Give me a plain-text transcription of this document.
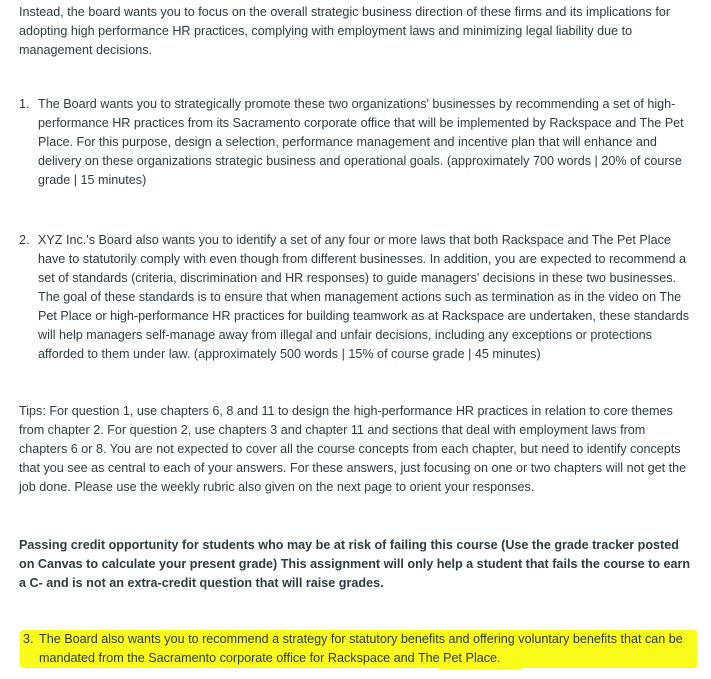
Instead, the board wants you to focus on the overall strategic business direction of these firms and its implications for adopting high performance HR practices, complying with employment laws and minimizing legal liability due to management decisions.

1. The Board wants you to strategically promote these two organizations' businesses by recommending a set of high-performance HR practices from its Sacramento corporate office that will be implemented by Rackspace and The Pet Place. For this purpose, design a selection, performance management and incentive plan that will enhance and delivery on these organizations strategic business and operational goals. (approximately 700 words | 20% of course grade | 15 minutes)

2. XYZ Inc.'s Board also wants you to identify a set of any four or more laws that both Rackspace and The Pet Place have to statutorily comply with even though from different businesses. In addition, you are expected to recommend a set of standards (criteria, discrimination and HR responses) to guide managers' decisions in these two businesses. The goal of these standards is to ensure that when management actions such as termination as in the video on The Pet Place or high-performance HR practices for building teamwork as at Rackspace are undertaken, these standards will help managers self-manage away from illegal and unfair decisions, including any exceptions or protections afforded to them under law. (approximately 500 words | 15% of course grade | 45 minutes)

Tips: For question 1, use chapters 6, 8 and 11 to design the high-performance HR practices in relation to core themes from chapter 2. For question 2, use chapters 3 and chapter 11 and sections that deal with employment laws from chapters 6 or 8. You are not expected to cover all the course concepts from each chapter, but need to identify concepts that you see as central to each of your answers. For these answers, just focusing on one or two chapters will not get the job done. Please use the weekly rubric also given on the next page to orient your responses.

Passing credit opportunity for students who may be at risk of failing this course (Use the grade tracker posted on Canvas to calculate your present grade) This assignment will only help a student that fails the course to earn a C- and is not an extra-credit question that will raise grades.

3. The Board also wants you to recommend a strategy for statutory benefits and offering voluntary benefits that can be mandated from the Sacramento corporate office for Rackspace and The Pet Place.
